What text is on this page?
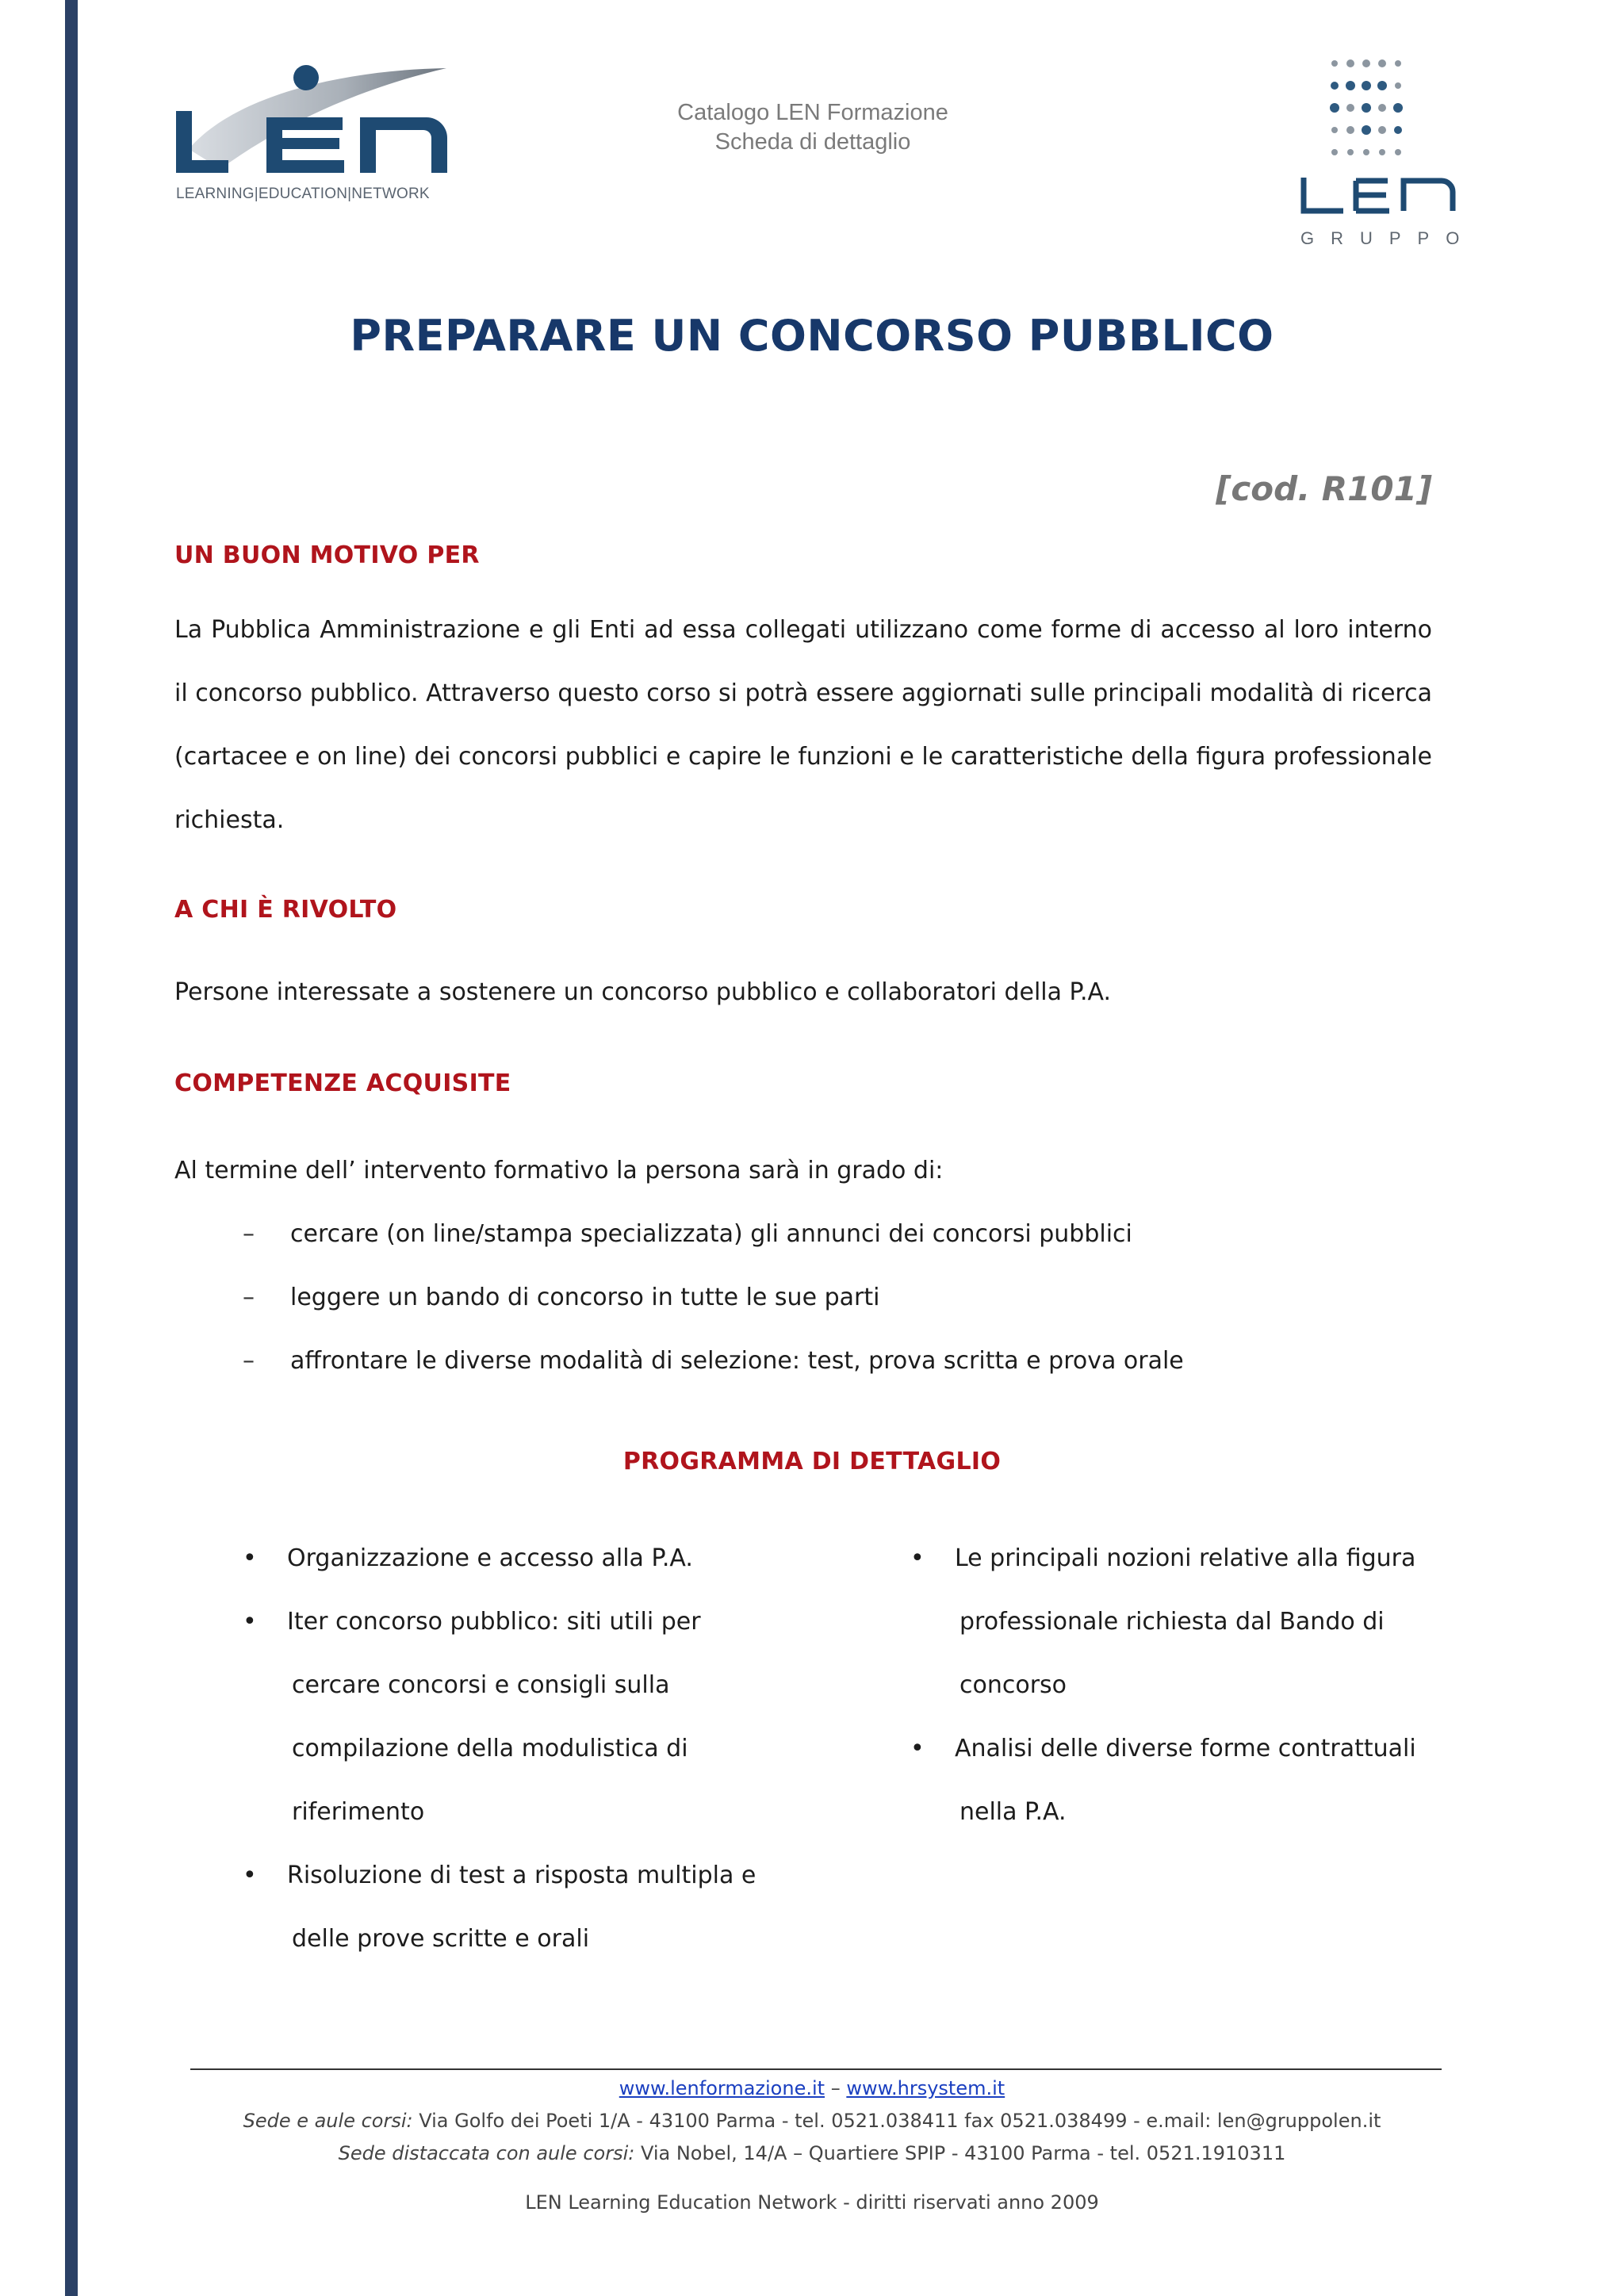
LEARNING|EDUCATION|NETWORK
Catalogo LEN Formazione
Scheda di dettaglio
GRUPPO
PREPARARE UN CONCORSO PUBBLICO
[cod. R101]
UN BUON MOTIVO PER
La Pubblica Amministrazione e gli Enti ad essa collegati utilizzano come forme di accesso al loro interno il concorso pubblico. Attraverso questo corso si potrà essere aggiornati sulle principali modalità di ricerca (cartacee e on line) dei concorsi pubblici e capire le funzioni e le caratteristiche della figura professionale richiesta.
A CHI È RIVOLTO
Persone interessate a sostenere un concorso pubblico e collaboratori della P.A.
COMPETENZE ACQUISITE
Al termine dell’ intervento formativo la persona sarà in grado di:
– cercare (on line/stampa specializzata) gli annunci dei concorsi pubblici
– leggere un bando di concorso in tutte le sue parti
– affrontare le diverse modalità di selezione: test, prova scritta e prova orale
PROGRAMMA DI DETTAGLIO
• Organizzazione e accesso alla P.A.
• Iter concorso pubblico: siti utili per
cercare concorsi e consigli sulla
compilazione della modulistica di
riferimento
• Risoluzione di test a risposta multipla e
delle prove scritte e orali
• Le principali nozioni relative alla figura
professionale richiesta dal Bando di
concorso
• Analisi delle diverse forme contrattuali
nella P.A.
www.lenformazione.it – www.hrsystem.it
Sede e aule corsi: Via Golfo dei Poeti 1/A - 43100 Parma - tel. 0521.038411 fax 0521.038499 - e.mail: len@gruppolen.it
Sede distaccata con aule corsi: Via Nobel, 14/A – Quartiere SPIP - 43100 Parma - tel. 0521.1910311
LEN Learning Education Network - diritti riservati anno 2009
